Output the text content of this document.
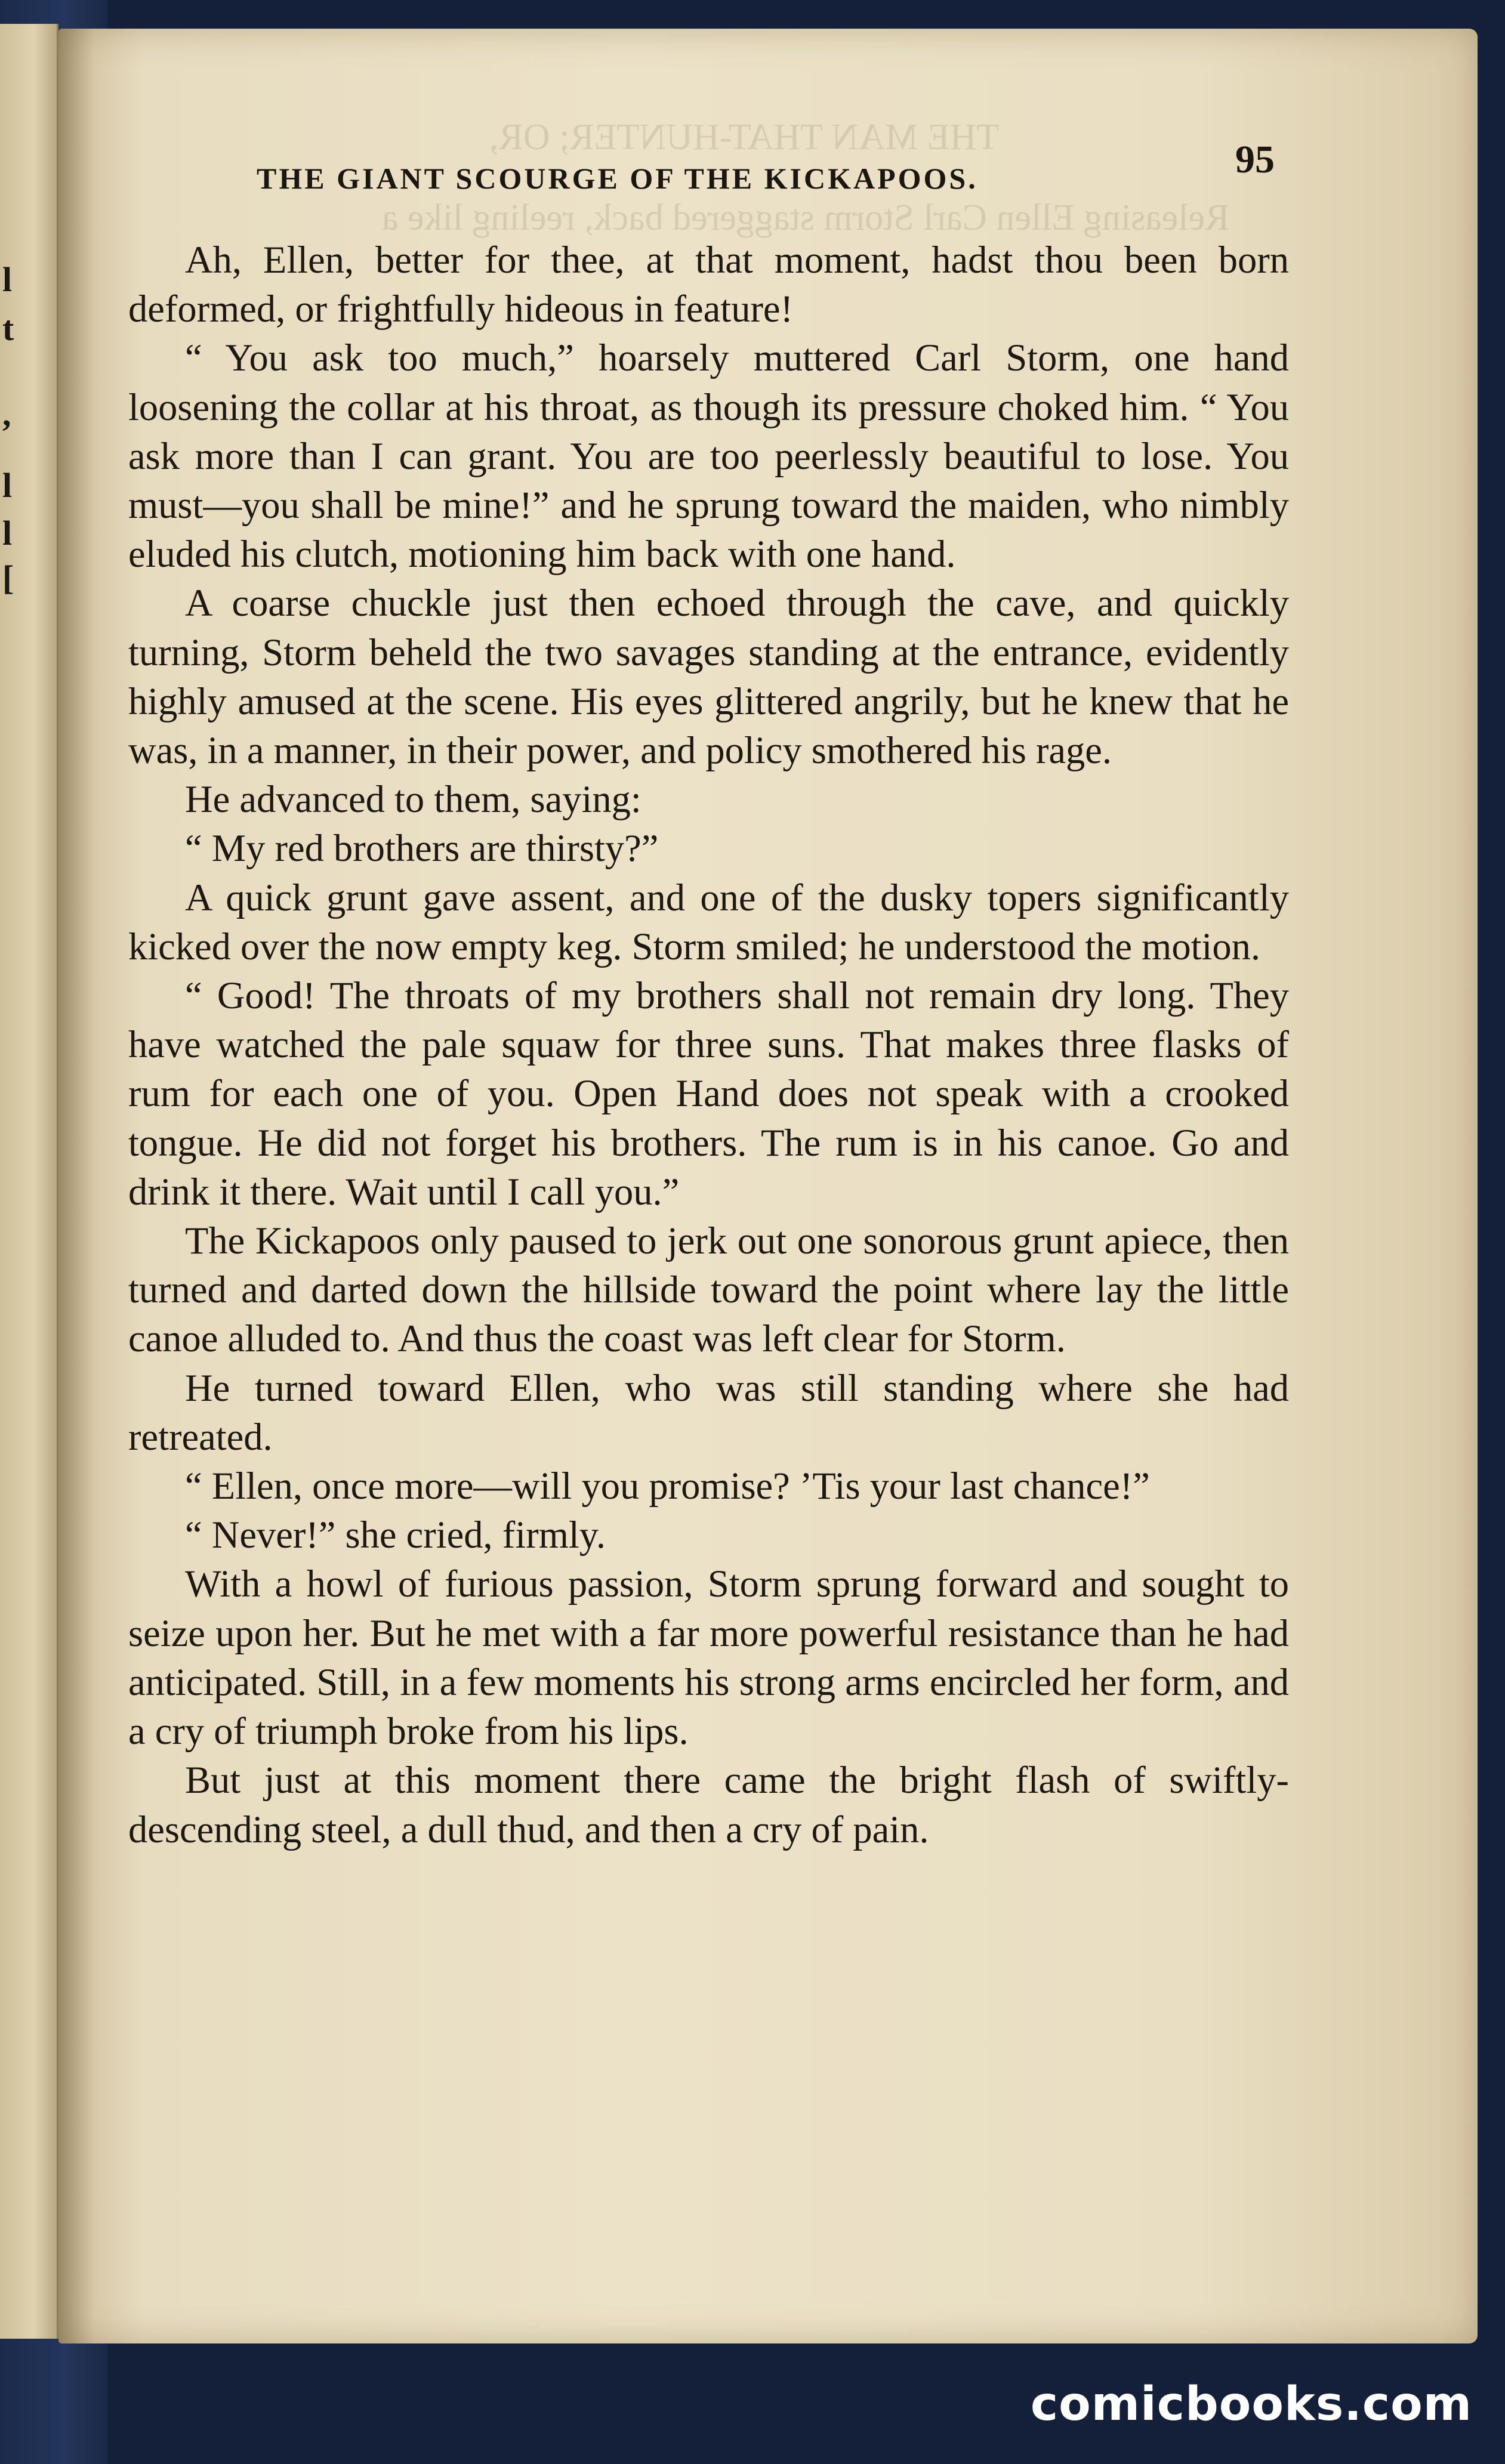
l
t
,
l
l
[
THE MAN THAT-HUNTER; OR,
Releasing Ellen Carl Storm staggered back, reeling like a
THE GIANT SCOURGE OF THE KICKAPOOS.	95

Ah, Ellen, better for thee, at that moment, hadst thou been born deformed, or frightfully hideous in feature!

“ You ask too much,” hoarsely muttered Carl Storm, one hand loosening the collar at his throat, as though its pressure choked him. “ You ask more than I can grant. You are too peerlessly beautiful to lose. You must—you shall be mine!” and he sprung toward the maiden, who nimbly eluded his clutch, motioning him back with one hand.

A coarse chuckle just then echoed through the cave, and quickly turning, Storm beheld the two savages standing at the entrance, evidently highly amused at the scene. His eyes glittered angrily, but he knew that he was, in a manner, in their power, and policy smothered his rage.

He advanced to them, saying:

“ My red brothers are thirsty?”

A quick grunt gave assent, and one of the dusky topers significantly kicked over the now empty keg. Storm smiled; he understood the motion.

“ Good! The throats of my brothers shall not remain dry long. They have watched the pale squaw for three suns. That makes three flasks of rum for each one of you. Open Hand does not speak with a crooked tongue. He did not forget his brothers. The rum is in his canoe. Go and drink it there. Wait until I call you.”

The Kickapoos only paused to jerk out one sonorous grunt apiece, then turned and darted down the hillside toward the point where lay the little canoe alluded to. And thus the coast was left clear for Storm.

He turned toward Ellen, who was still standing where she had retreated.

“ Ellen, once more—will you promise? ’Tis your last chance!”

“ Never!” she cried, firmly.

With a howl of furious passion, Storm sprung forward and sought to seize upon her. But he met with a far more powerful resistance than he had anticipated. Still, in a few moments his strong arms encircled her form, and a cry of triumph broke from his lips.

But just at this moment there came the bright flash of swiftly-descending steel, a dull thud, and then a cry of pain.

comicbooks.com
